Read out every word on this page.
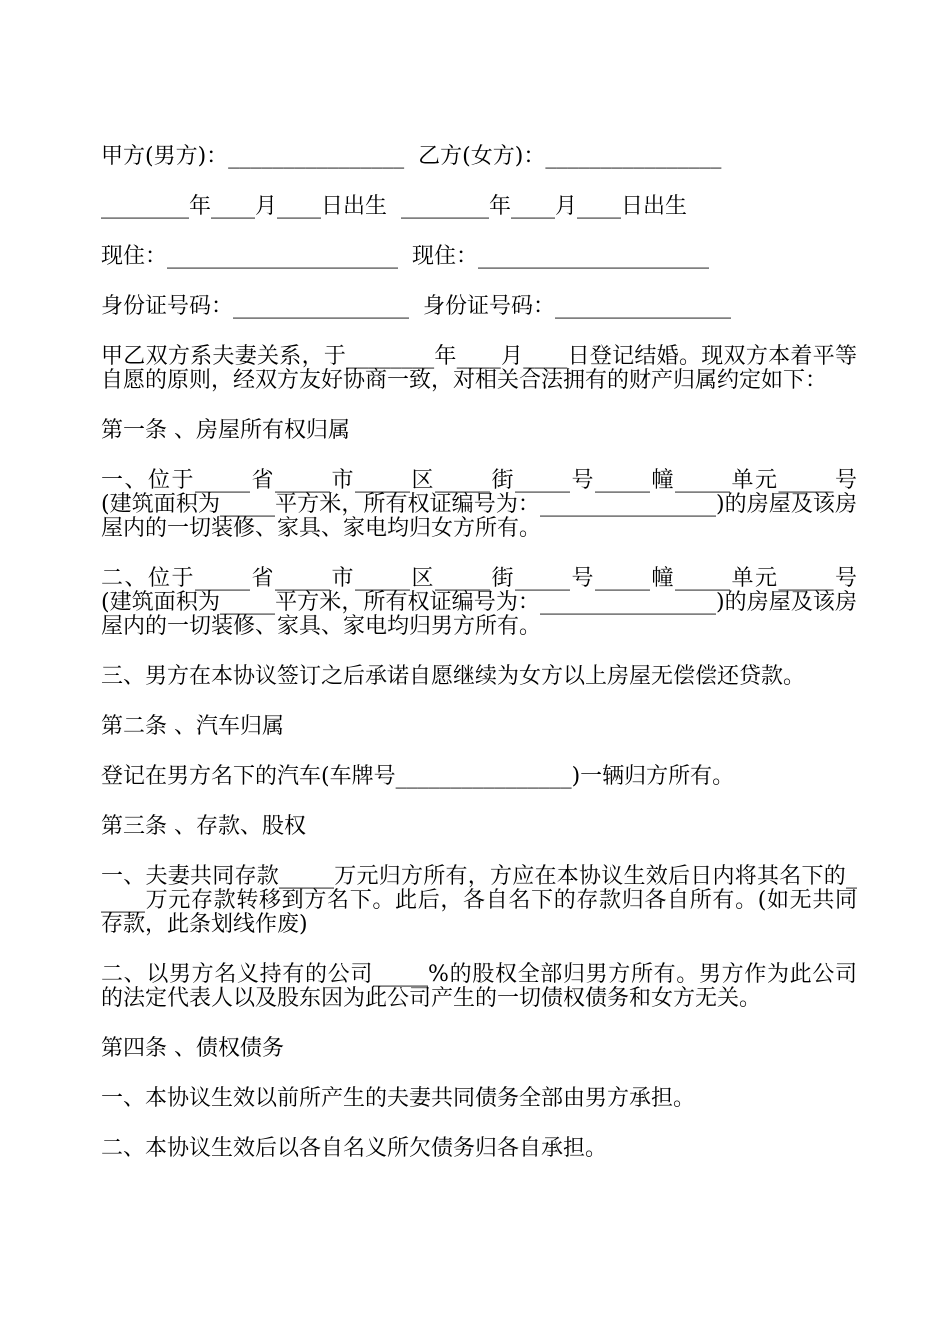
甲方(男方)：________________  乙方(女方)：________________

________年____月____日出生  ________年____月____日出生

现住：_____________________  现住：_____________________

身份证号码：________________  身份证号码：________________

甲乙双方系夫妻关系，于________年____月____日登记结婚。现双方本着平等自愿的原则，经双方友好协商一致，对相关合法拥有的财产归属约定如下：

第一条 、房屋所有权归属

一、位于_____省_____市_____区_____街_____号_____幢_____单元_____号(建筑面积为_____平方米，所有权证编号为：________________)的房屋及该房屋内的一切装修、家具、家电均归女方所有。

二、位于_____省_____市_____区_____街_____号_____幢_____单元_____号(建筑面积为_____平方米，所有权证编号为：________________)的房屋及该房屋内的一切装修、家具、家电均归男方所有。

三、男方在本协议签订之后承诺自愿继续为女方以上房屋无偿偿还贷款。

第二条 、汽车归属

登记在男方名下的汽车(车牌号________________)一辆归方所有。

第三条 、存款、股权

一、夫妻共同存款_____万元归方所有，方应在本协议生效后日内将其名下的_____万元存款转移到方名下。此后，各自名下的存款归各自所有。(如无共同存款，此条划线作废)

二、以男方名义持有的公司_____%的股权全部归男方所有。男方作为此公司的法定代表人以及股东因为此公司产生的一切债权债务和女方无关。

第四条 、债权债务

一、本协议生效以前所产生的夫妻共同债务全部由男方承担。

二、本协议生效后以各自名义所欠债务归各自承担。
